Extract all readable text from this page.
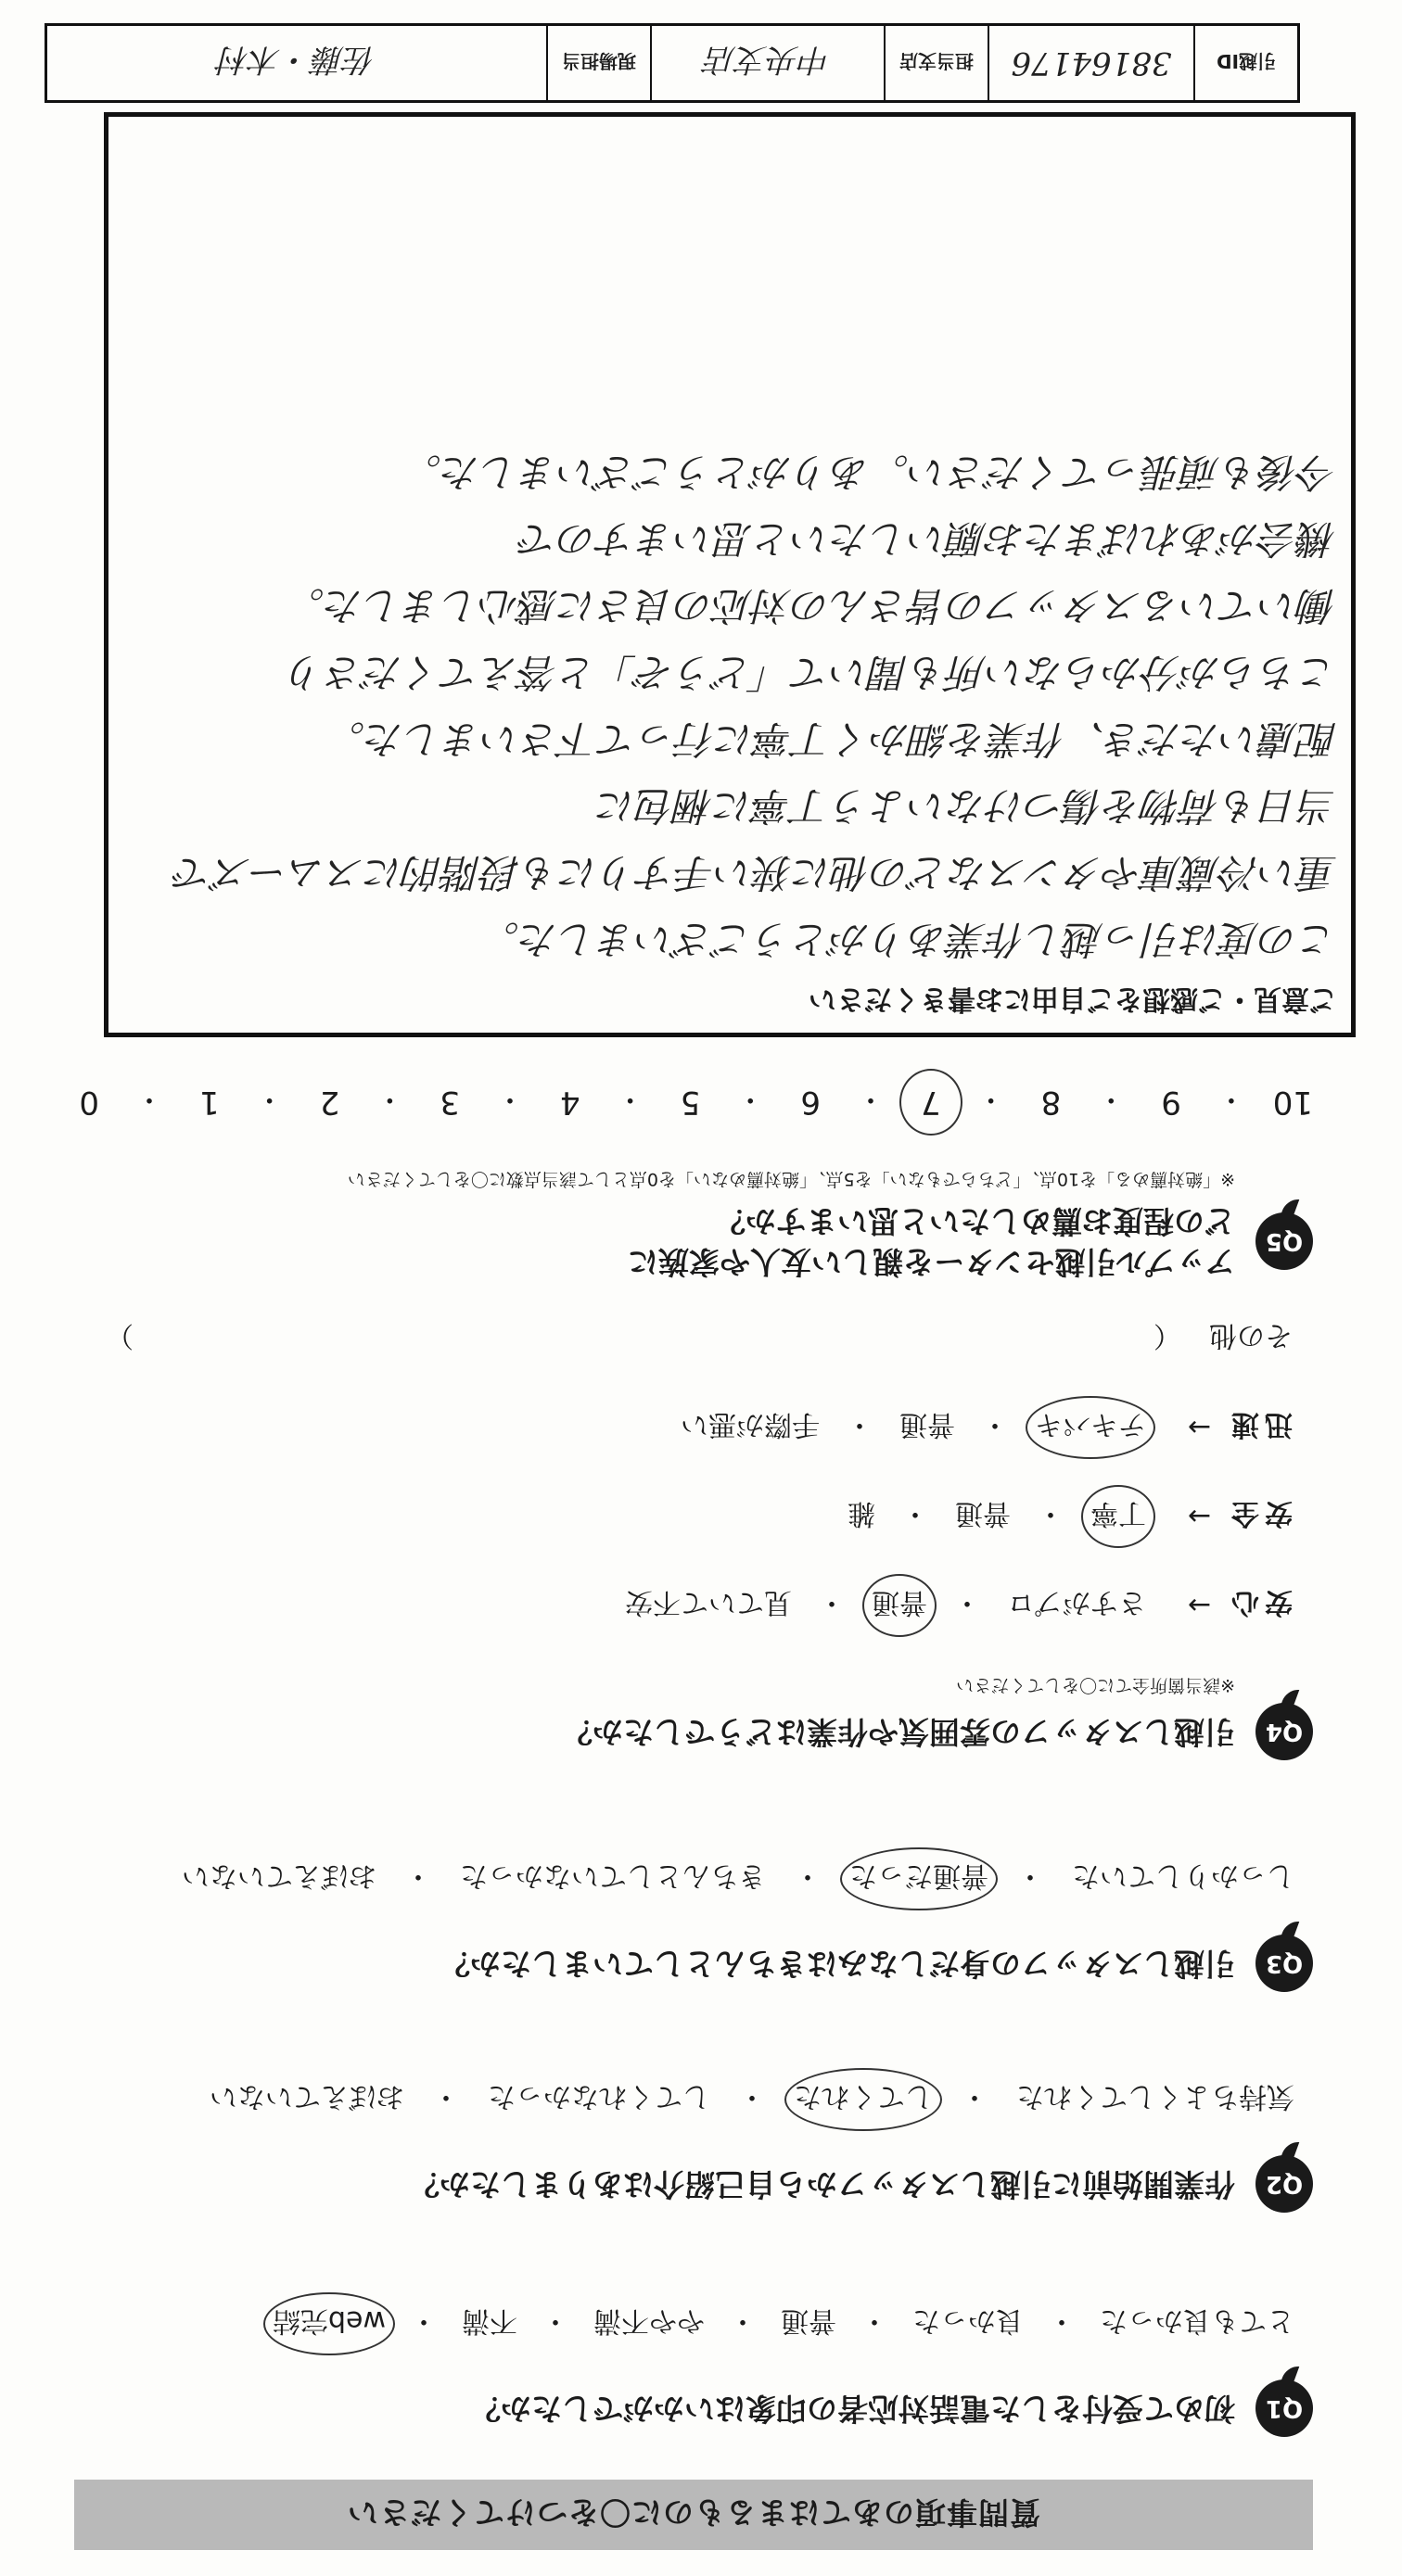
質問事項のあてはまるものに〇をつけてください
Q1
初めて受付をした電話対応者の印象はいかがでしたか？
とても良かった
・
良かった
・
普通
・
やや不満
・
不満
・
web完結
Q2
作業開始前に引越しスタッフから自己紹介はありましたか？
気持ちよくしてくれた
・
してくれた
・
してくれなかった
・
おぼえていない
Q3
引越しスタッフの身だしなみはきちんとしていましたか？
しっかりしていた
・
普通だった
・
きちんとしていなかった
・
おぼえていない
Q4
引越しスタッフの雰囲気や作業はどうでしたか？
※該当箇所全てに〇をしてください
安心
→
さすがプロ
・
普通
・
見ていて不安
安全
→
丁寧
・
普通
・
雑
迅速
→
テキパキ
・
普通
・
手際が悪い
その他
（
）
Q5
アップル引越センターを親しい友人や家族に
どの程度お薦めしたいと思いますか？
※「絶対薦める」を10点、「どちらでもない」を5点、「絶対薦めない」を0点として該当点数に〇をしてください
10
・
9
・
8
・
7
・
6
・
5
・
4
・
3
・
2
・
1
・
0
ご意見・ご感想をご自由にお書きください
この度は引っ越し作業ありがとうございました。
重い冷蔵庫やタンスなどの他に狭い手すりにも段階的にスムーズで
当日も荷物を傷つけないよう丁寧に梱包に
配慮いただき、作業を細かく丁寧に行って下さいました。
こちらが分からない所も聞いて「どうぞ」と答えてくださり
働いているスタッフの皆さんの対応の良さに感心しました。
機会があればまたお願いしたいと思いますので
今後も頑張ってください。ありがとうございました。
引越ID
38164176
担当支店
中央支店
現場担当
佐藤・木村
